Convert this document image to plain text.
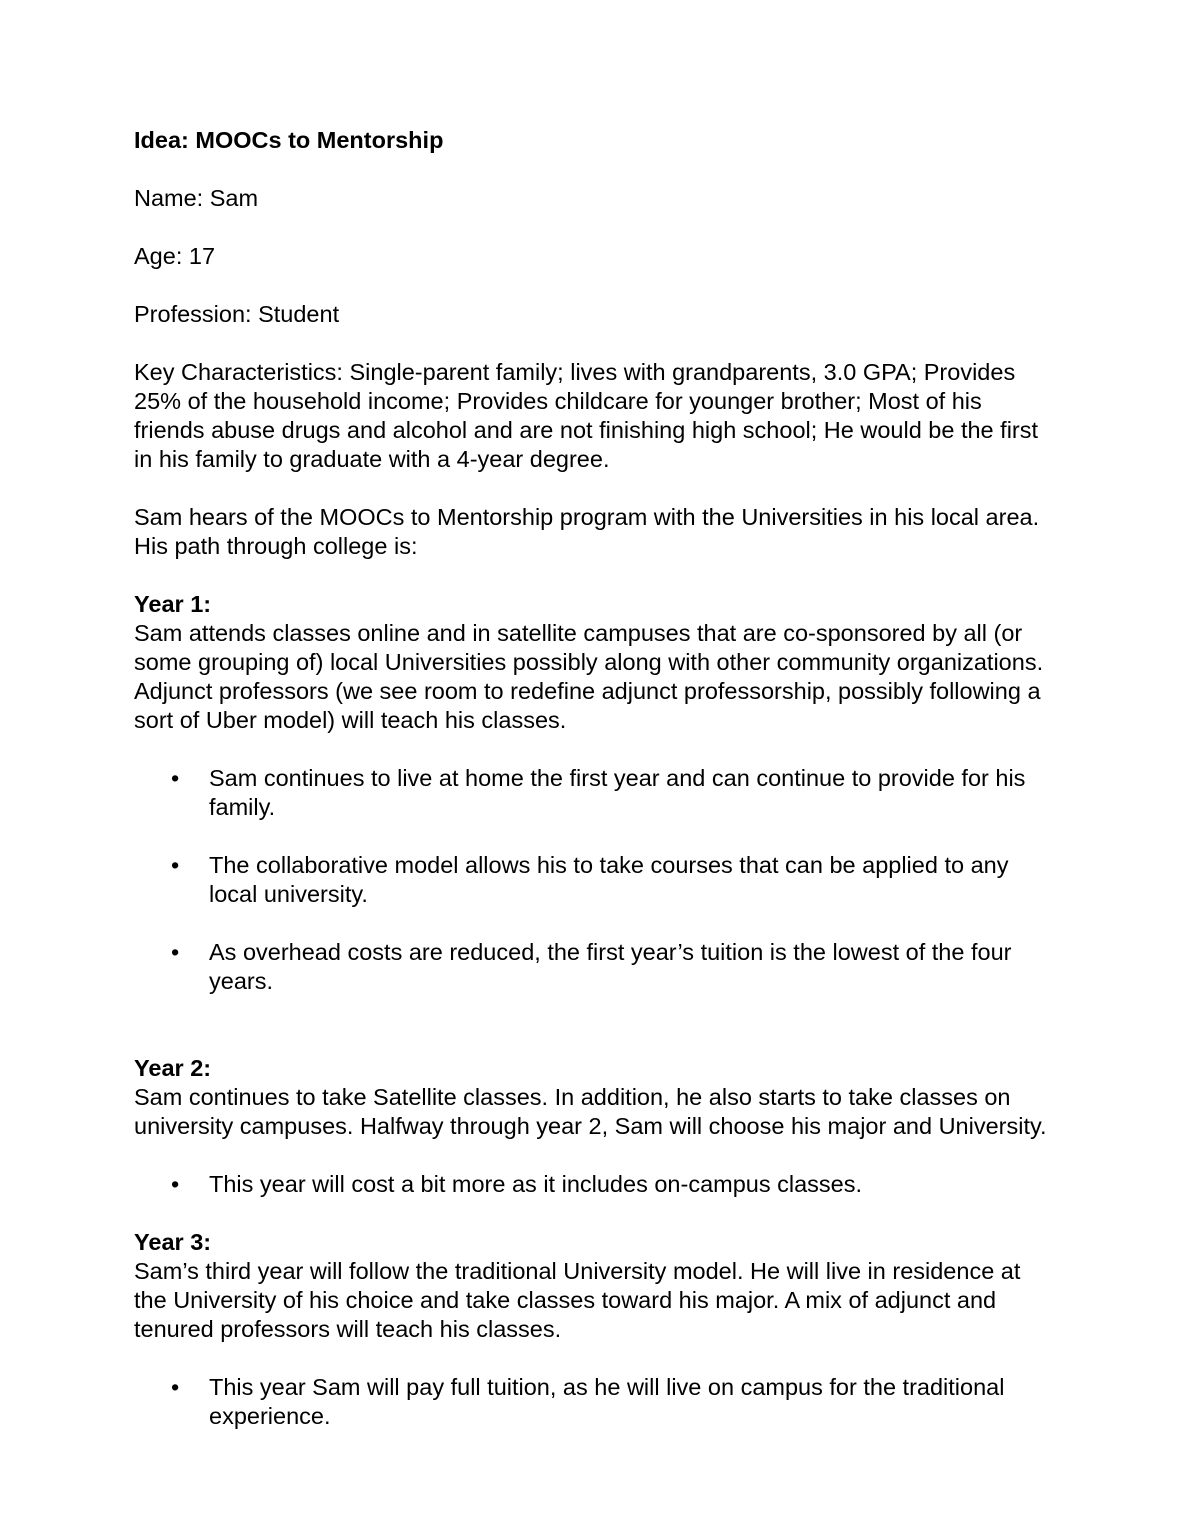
Idea: MOOCs to Mentorship

Name: Sam

Age: 17

Profession: Student

Key Characteristics: Single-parent family; lives with grandparents, 3.0 GPA; Provides 25% of the household income; Provides childcare for younger brother; Most of his friends abuse drugs and alcohol and are not finishing high school; He would be the first in his family to graduate with a 4-year degree.

Sam hears of the MOOCs to Mentorship program with the Universities in his local area. His path through college is:

Year 1:

Sam attends classes online and in satellite campuses that are co-sponsored by all (or some grouping of) local Universities possibly along with other community organizations. Adjunct professors (we see room to redefine adjunct professorship, possibly following a sort of Uber model) will teach his classes.

• Sam continues to live at home the first year and can continue to provide for his family.
• The collaborative model allows his to take courses that can be applied to any local university.
• As overhead costs are reduced, the first year’s tuition is the lowest of the four years.

Year 2:

Sam continues to take Satellite classes. In addition, he also starts to take classes on university campuses. Halfway through year 2, Sam will choose his major and University.

• This year will cost a bit more as it includes on-campus classes.

Year 3:

Sam’s third year will follow the traditional University model. He will live in residence at the University of his choice and take classes toward his major. A mix of adjunct and tenured professors will teach his classes.

• This year Sam will pay full tuition, as he will live on campus for the traditional experience.
